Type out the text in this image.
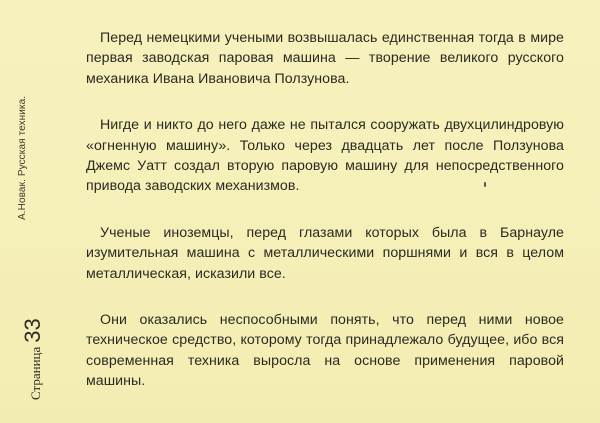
А.Новак. Русская техника.
Страница
33

Перед немецкими учеными возвышалась единственная тогда в мире первая заводская паровая машина — творение великого русского механика Ивана Ивановича Ползунова.

Нигде и никто до него даже не пытался сооружать двухцилиндровую «огненную машину». Только через двадцать лет после Ползунова Джемс Уатт создал вторую паровую машину для непосредственного привода заводских механизмов.

Ученые иноземцы, перед глазами которых была в Барнауле изумительная машина с металлическими поршнями и вся в целом металлическая, исказили все.

Они оказались неспособными понять, что перед ними новое техническое средство, которому тогда принадлежало будущее, ибо вся современная техника выросла на основе применения паровой машины.
